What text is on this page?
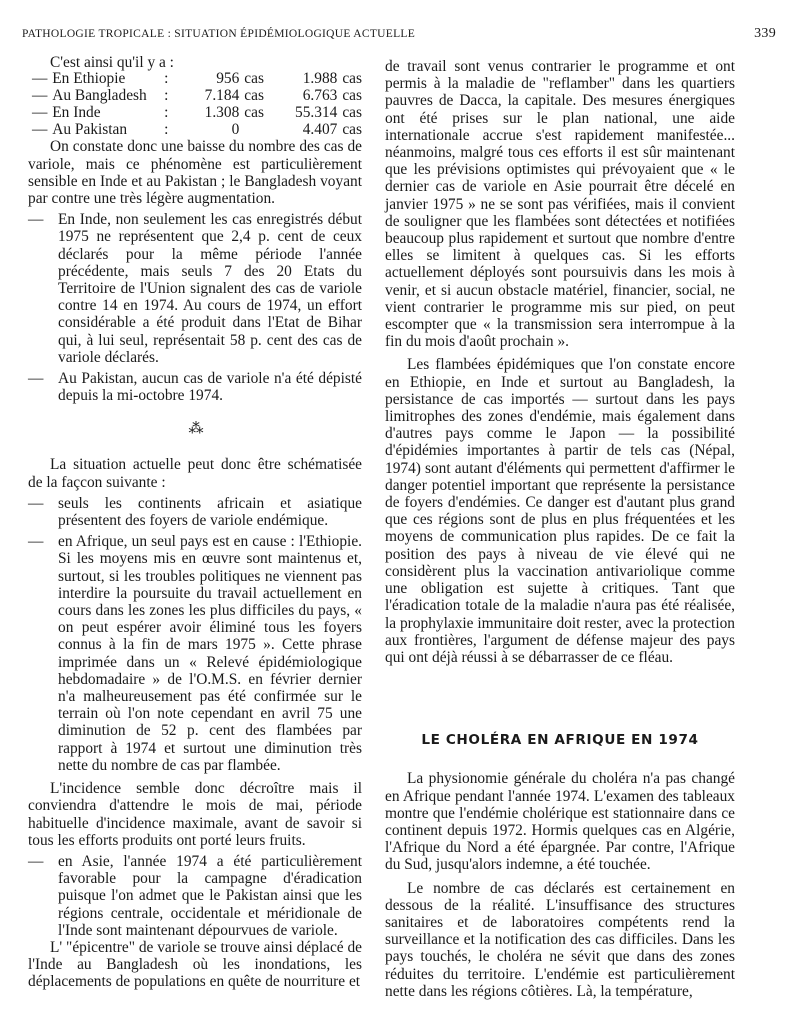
PATHOLOGIE TROPICALE : SITUATION ÉPIDÉMIOLOGIQUE ACTUELLE	339

C'est ainsi qu'il y a :

—	En Ethiopie	:	956	cas	1.988	cas
—	Au Bangladesh	:	7.184	cas	6.763	cas
—	En Inde	:	1.308	cas	55.314	cas
—	Au Pakistan	:	0		4.407	cas

On constate donc une baisse du nombre des cas de variole, mais ce phénomène est particulièrement sensible en Inde et au Pakistan ; le Bangladesh voyant par contre une très légère augmentation.

— En Inde, non seulement les cas enregistrés début 1975 ne représentent que 2,4 p. cent de ceux déclarés pour la même période l'année précédente, mais seuls 7 des 20 Etats du Territoire de l'Union signalent des cas de variole contre 14 en 1974. Au cours de 1974, un effort considérable a été produit dans l'Etat de Bihar qui, à lui seul, représentait 58 p. cent des cas de variole déclarés.
— Au Pakistan, aucun cas de variole n'a été dépisté depuis la mi-octobre 1974.
⁂

La situation actuelle peut donc être schématisée de la façcon suivante :

— seuls les continents africain et asiatique présentent des foyers de variole endémique.
— en Afrique, un seul pays est en cause : l'Ethiopie. Si les moyens mis en œuvre sont maintenus et, surtout, si les troubles politiques ne viennent pas interdire la poursuite du travail actuellement en cours dans les zones les plus difficiles du pays, « on peut espérer avoir éliminé tous les foyers connus à la fin de mars 1975 ». Cette phrase imprimée dans un « Relevé épidémiologique hebdomadaire » de l'O.M.S. en février dernier n'a malheureusement pas été confirmée sur le terrain où l'on note cependant en avril 75 une diminution de 52 p. cent des flambées par rapport à 1974 et surtout une diminution très nette du nombre de cas par flambée.

L'incidence semble donc décroître mais il conviendra d'attendre le mois de mai, période habituelle d'incidence maximale, avant de savoir si tous les efforts produits ont porté leurs fruits.

— en Asie, l'année 1974 a été particulièrement favorable pour la campagne d'éradication puisque l'on admet que le Pakistan ainsi que les régions centrale, occidentale et méridionale de l'Inde sont maintenant dépourvues de variole.

L' "épicentre" de variole se trouve ainsi déplacé de l'Inde au Bangladesh où les inondations, les déplacements de populations en quête de nourriture et

de travail sont venus contrarier le programme et ont permis à la maladie de "reflamber" dans les quartiers pauvres de Dacca, la capitale. Des mesures énergiques ont été prises sur le plan national, une aide internationale accrue s'est rapidement manifestée... néanmoins, malgré tous ces efforts il est sûr maintenant que les prévisions optimistes qui prévoyaient que « le dernier cas de variole en Asie pourrait être décelé en janvier 1975 » ne se sont pas vérifiées, mais il convient de souligner que les flambées sont détectées et notifiées beaucoup plus rapidement et surtout que nombre d'entre elles se limitent à quelques cas. Si les efforts actuellement déployés sont poursuivis dans les mois à venir, et si aucun obstacle matériel, financier, social, ne vient contrarier le programme mis sur pied, on peut escompter que « la transmission sera interrompue à la fin du mois d'août prochain ».

Les flambées épidémiques que l'on constate encore en Ethiopie, en Inde et surtout au Bangladesh, la persistance de cas importés — surtout dans les pays limitrophes des zones d'endémie, mais également dans d'autres pays comme le Japon — la possibilité d'épidémies importantes à partir de tels cas (Népal, 1974) sont autant d'éléments qui permettent d'affirmer le danger potentiel important que représente la persistance de foyers d'endémies. Ce danger est d'autant plus grand que ces régions sont de plus en plus fréquentées et les moyens de communication plus rapides. De ce fait la position des pays à niveau de vie élevé qui ne considèrent plus la vaccination antivariolique comme une obligation est sujette à critiques. Tant que l'éradication totale de la maladie n'aura pas été réalisée, la prophylaxie immunitaire doit rester, avec la protection aux frontières, l'argument de défense majeur des pays qui ont déjà réussi à se débarrasser de ce fléau.

LE CHOLÉRA EN AFRIQUE EN 1974

La physionomie générale du choléra n'a pas changé en Afrique pendant l'année 1974. L'examen des tableaux montre que l'endémie cholérique est stationnaire dans ce continent depuis 1972. Hormis quelques cas en Algérie, l'Afrique du Nord a été épargnée. Par contre, l'Afrique du Sud, jusqu'alors indemne, a été touchée.

Le nombre de cas déclarés est certainement en dessous de la réalité. L'insuffisance des structures sanitaires et de laboratoires compétents rend la surveillance et la notification des cas difficiles. Dans les pays touchés, le choléra ne sévit que dans des zones réduites du territoire. L'endémie est particulièrement nette dans les régions côtières. Là, la température,
